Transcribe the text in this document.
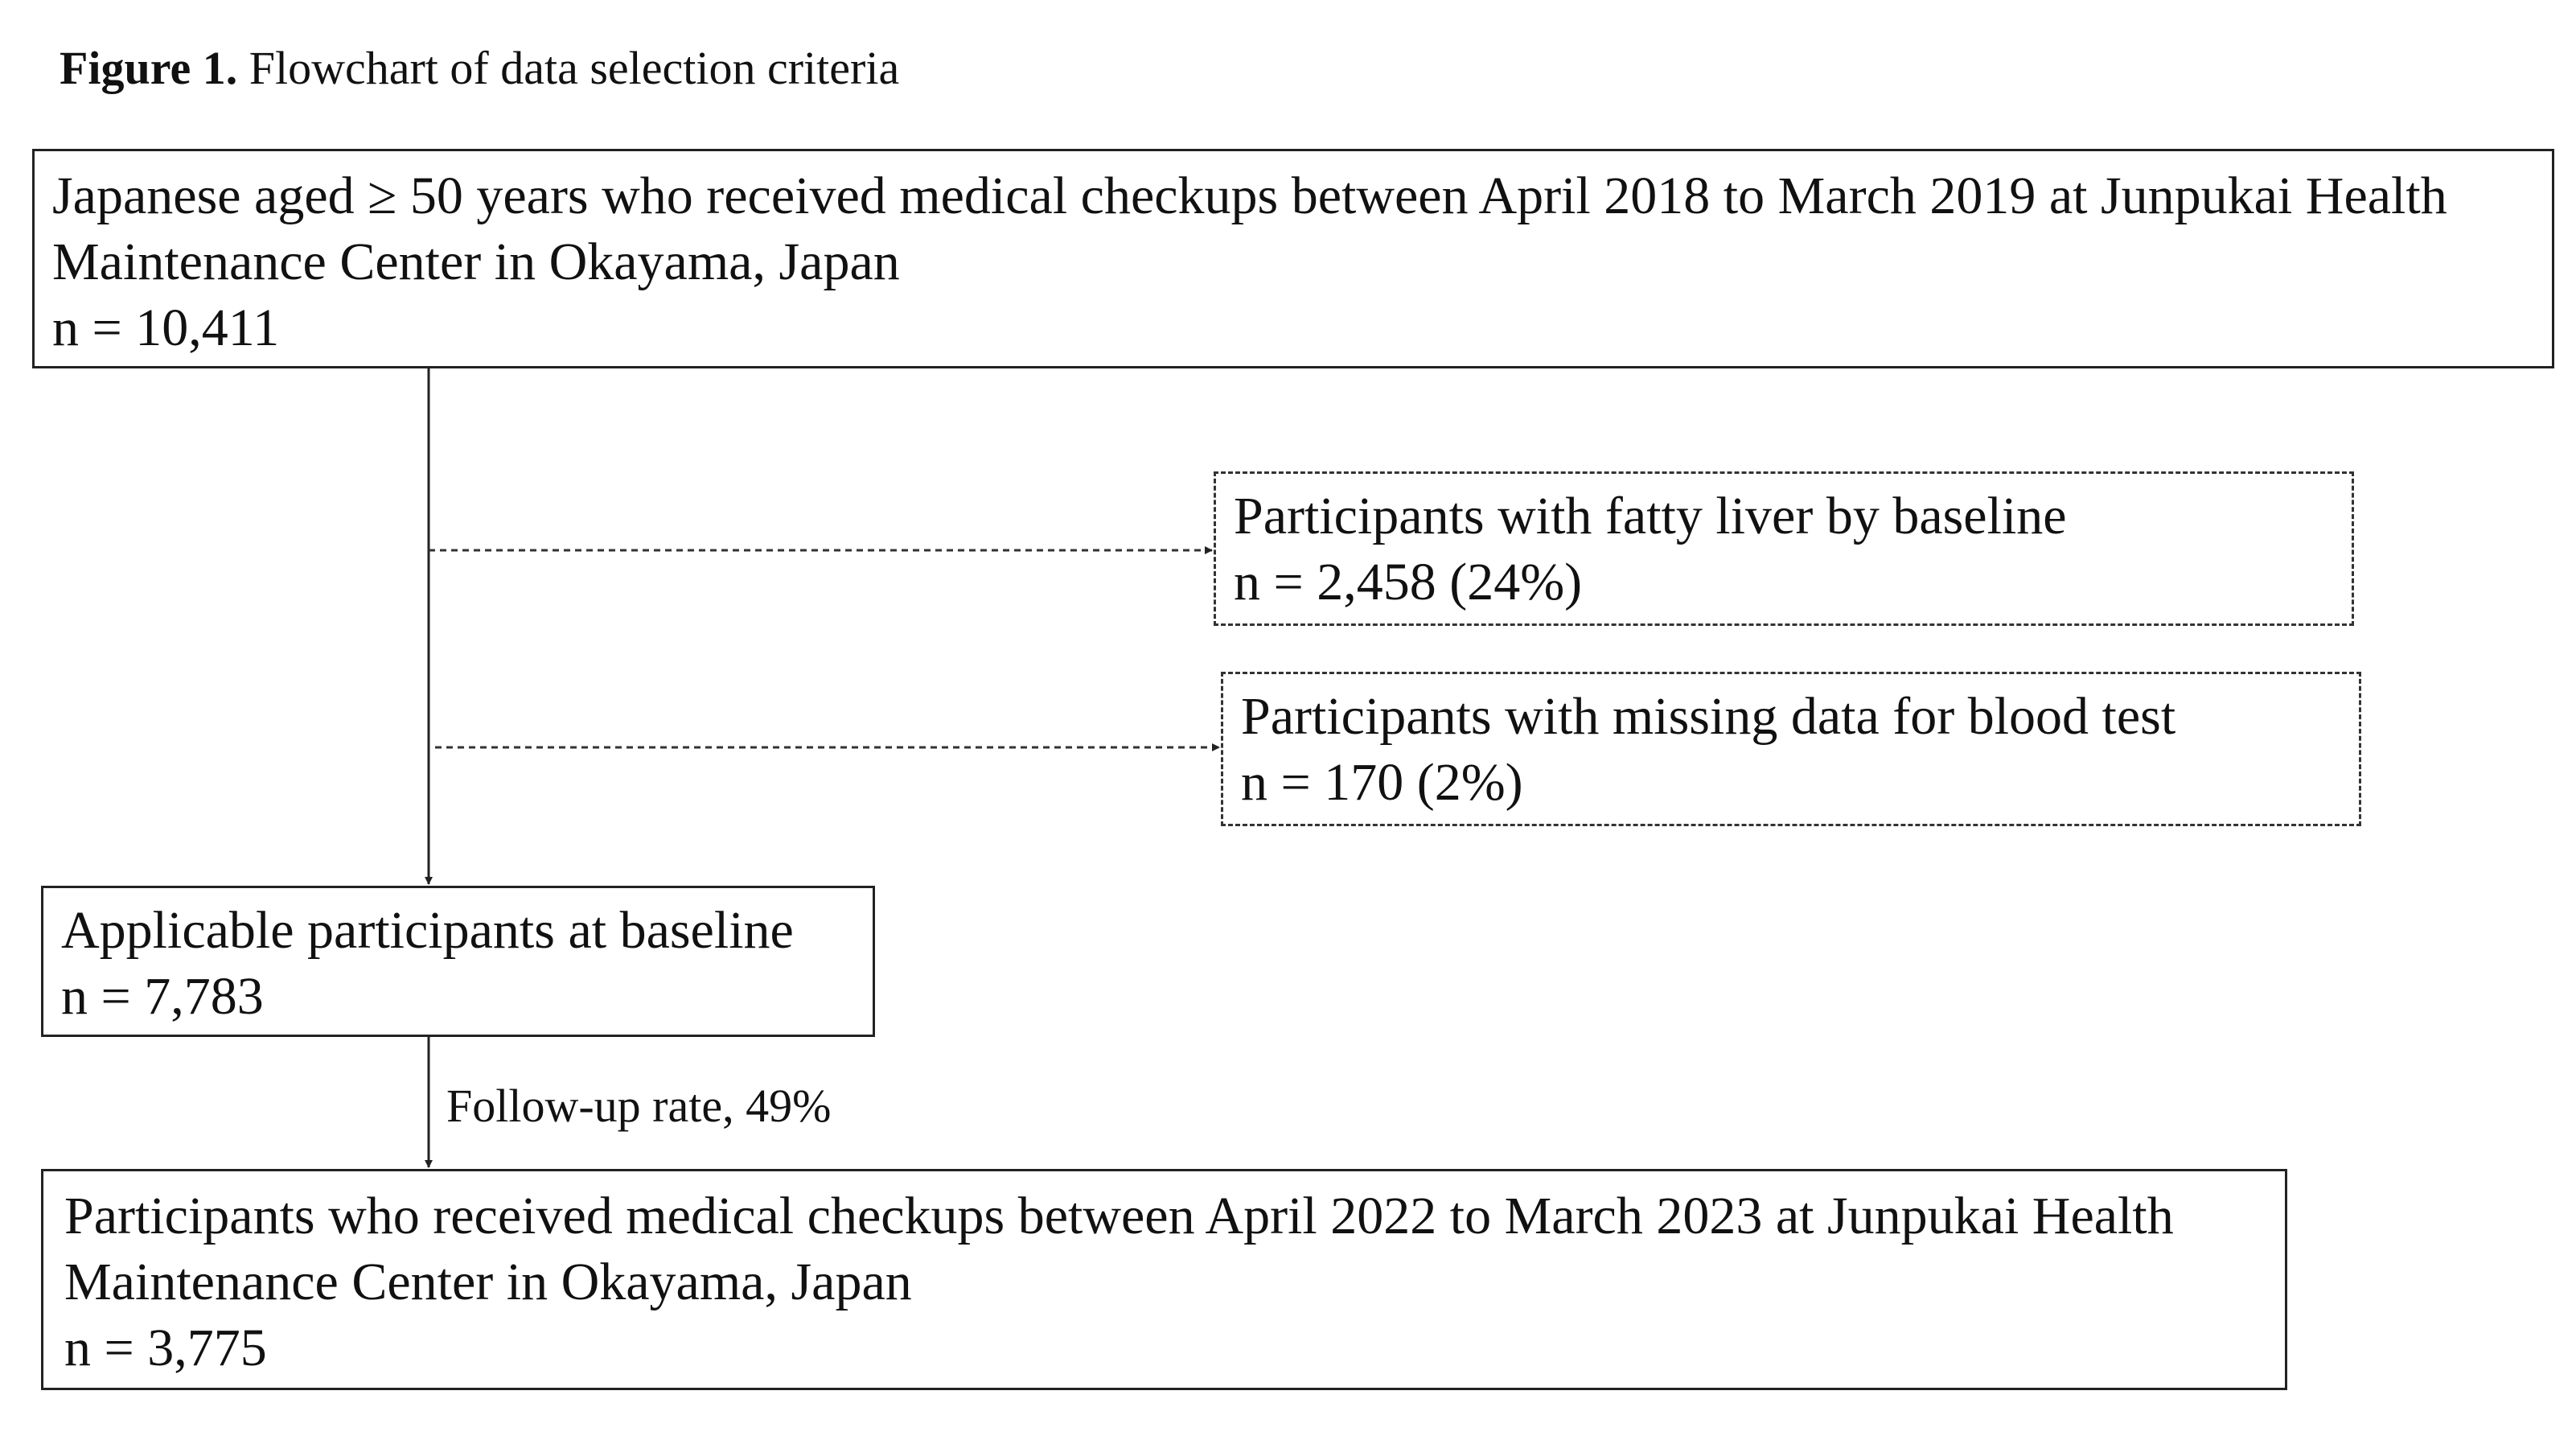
Figure 1. Flowchart of data selection criteria
Japanese aged ≥ 50 years who received medical checkups between April 2018 to March 2019 at Junpukai Health
Maintenance Center in Okayama, Japan
n = 10,411
Participants with fatty liver by baseline
n = 2,458 (24%)
Participants with missing data for blood test
n = 170 (2%)
Applicable participants at baseline
n = 7,783
Follow-up rate, 49%
Participants who received medical checkups between April 2022 to March 2023 at Junpukai Health
Maintenance Center in Okayama, Japan
n = 3,775
